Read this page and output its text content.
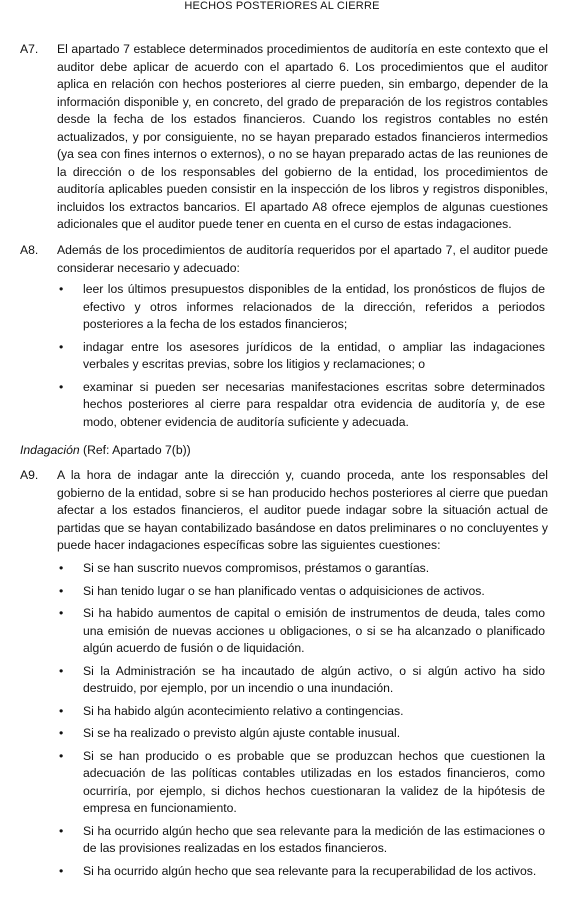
HECHOS POSTERIORES AL CIERRE
A7.	El apartado 7 establece determinados procedimientos de auditoría en este contexto que el auditor debe aplicar de acuerdo con el apartado 6. Los procedimientos que el auditor aplica en relación con hechos posteriores al cierre pueden, sin embargo, depender de la información disponible y, en concreto, del grado de preparación de los registros contables desde la fecha de los estados financieros. Cuando los registros contables no estén actualizados, y por consiguiente, no se hayan preparado estados financieros intermedios (ya sea con fines internos o externos), o no se hayan preparado actas de las reuniones de la dirección o de los responsables del gobierno de la entidad, los procedimientos de auditoría aplicables pueden consistir en la inspección de los libros y registros disponibles, incluidos los extractos bancarios. El apartado A8 ofrece ejemplos de algunas cuestiones adicionales que el auditor puede tener en cuenta en el curso de estas indagaciones.
A8.	Además de los procedimientos de auditoría requeridos por el apartado 7, el auditor puede considerar necesario y adecuado:
• leer los últimos presupuestos disponibles de la entidad, los pronósticos de flujos de efectivo y otros informes relacionados de la dirección, referidos a periodos posteriores a la fecha de los estados financieros;
• indagar entre los asesores jurídicos de la entidad, o ampliar las indagaciones verbales y escritas previas, sobre los litigios y reclamaciones; o
• examinar si pueden ser necesarias manifestaciones escritas sobre determinados hechos posteriores al cierre para respaldar otra evidencia de auditoría y, de ese modo, obtener evidencia de auditoría suficiente y adecuada.
Indagación (Ref: Apartado 7(b))
A9.	A la hora de indagar ante la dirección y, cuando proceda, ante los responsables del gobierno de la entidad, sobre si se han producido hechos posteriores al cierre que puedan afectar a los estados financieros, el auditor puede indagar sobre la situación actual de partidas que se hayan contabilizado basándose en datos preliminares o no concluyentes y puede hacer indagaciones específicas sobre las siguientes cuestiones:
• Si se han suscrito nuevos compromisos, préstamos o garantías.
• Si han tenido lugar o se han planificado ventas o adquisiciones de activos.
• Si ha habido aumentos de capital o emisión de instrumentos de deuda, tales como una emisión de nuevas acciones u obligaciones, o si se ha alcanzado o planificado algún acuerdo de fusión o de liquidación.
• Si la Administración se ha incautado de algún activo, o si algún activo ha sido destruido, por ejemplo, por un incendio o una inundación.
• Si ha habido algún acontecimiento relativo a contingencias.
• Si se ha realizado o previsto algún ajuste contable inusual.
• Si se han producido o es probable que se produzcan hechos que cuestionen la adecuación de las políticas contables utilizadas en los estados financieros, como ocurriría, por ejemplo, si dichos hechos cuestionaran la validez de la hipótesis de empresa en funcionamiento.
• Si ha ocurrido algún hecho que sea relevante para la medición de las estimaciones o de las provisiones realizadas en los estados financieros.
• Si ha ocurrido algún hecho que sea relevante para la recuperabilidad de los activos.
